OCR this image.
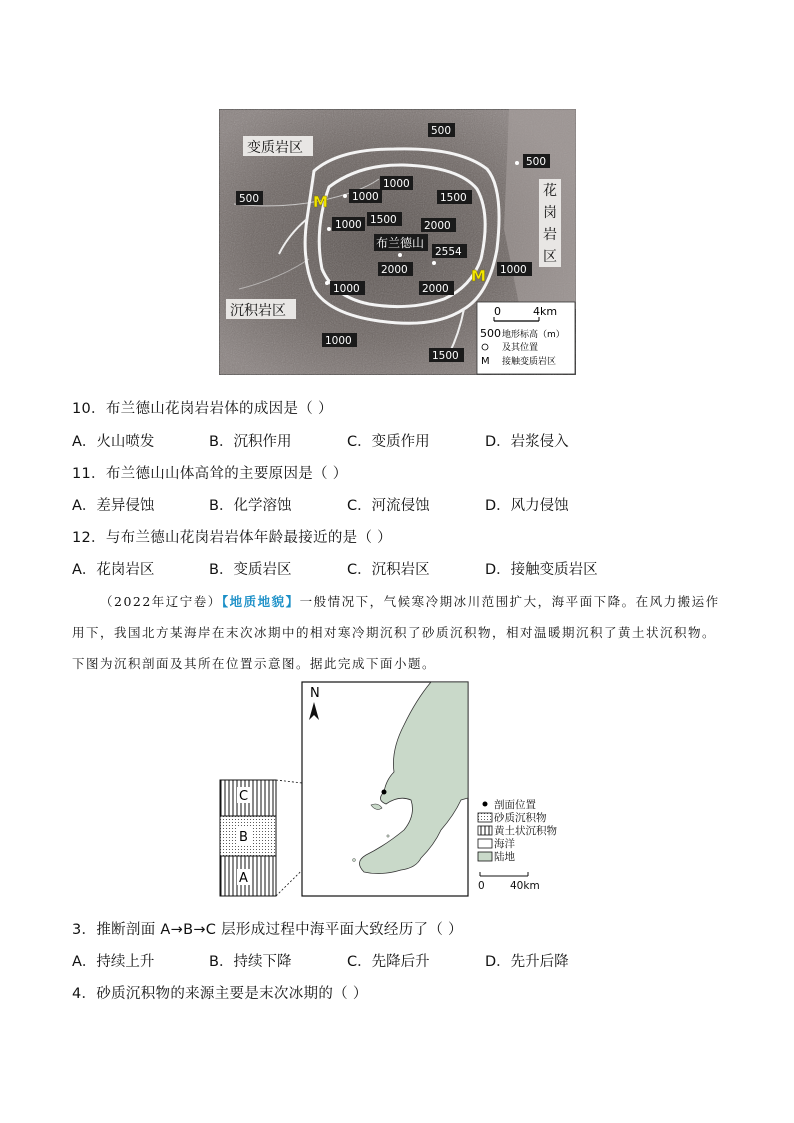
变质岩区
沉积岩区
花
岗
岩
区
布兰德山
500
500
500
1000
1000	1500
1000 1500	2000
2000
2000
1000
1000
1000
1500
2554
M
M
0	4km
500 地形标高（m）
及其位置
M 接触变质岩区
10．布兰德山花岗岩岩体的成因是（ ）
A．火山喷发	B．沉积作用	C．变质作用	D．岩浆侵入
11．布兰德山山体高耸的主要原因是（ ）
A．差异侵蚀	B．化学溶蚀	C．河流侵蚀	D．风力侵蚀
12．与布兰德山花岗岩岩体年龄最接近的是（ ）
A．花岗岩区	B．变质岩区	C．沉积岩区	D．接触变质岩区
（2022年辽宁卷）【地质地貌】一般情况下，气候寒冷期冰川范围扩大，海平面下降。在风力搬运作
用下，我国北方某海岸在末次冰期中的相对寒冷期沉积了砂质沉积物，相对温暖期沉积了黄土状沉积物。
下图为沉积剖面及其所在位置示意图。据此完成下面小题。
C
B
A
N
剖面位置
砂质沉积物
黄土状沉积物
海洋
陆地
0 40km
3．推断剖面 A→B→C 层形成过程中海平面大致经历了（ ）
A．持续上升	B．持续下降	C．先降后升	D．先升后降
4．砂质沉积物的来源主要是末次冰期的（ ）
